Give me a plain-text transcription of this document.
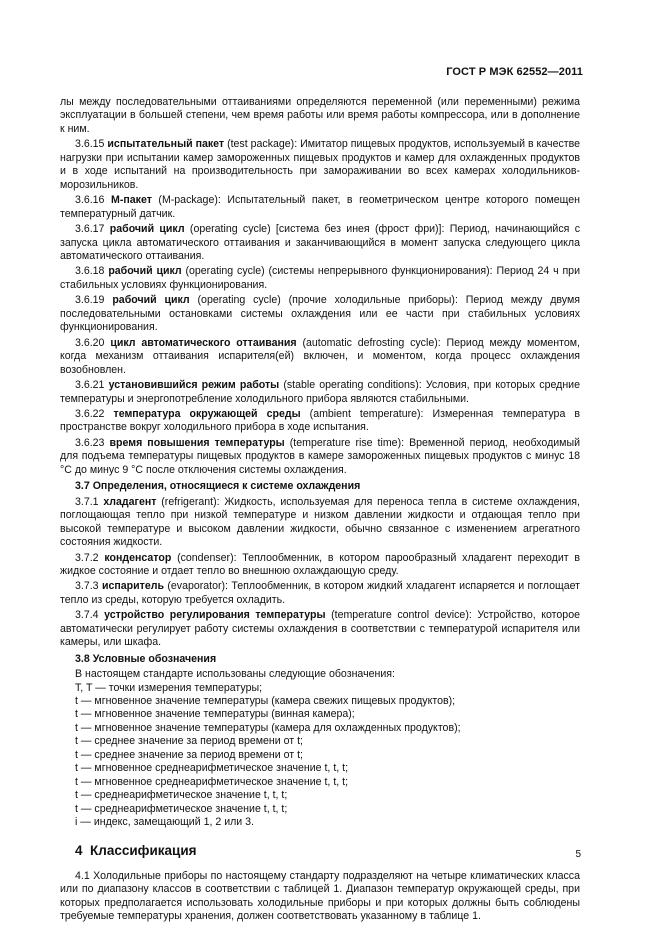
ГОСТ Р МЭК 62552—2011

лы между последовательными оттаиваниями определяются переменной (или переменными) режима эксплуатации в большей степени, чем время работы или время работы компрессора, или в дополнение к ним.

3.6.15 испытательный пакет (test package): Имитатор пищевых продуктов, используемый в качестве нагрузки при испытании камер замороженных пищевых продуктов и камер для охлажденных продуктов и в ходе испытаний на производительность при замораживании во всех камерах холодильников-морозильников.

3.6.16 М-пакет (M-package): Испытательный пакет, в геометрическом центре которого помещен температурный датчик.

3.6.17 рабочий цикл (operating cycle) [система без инея (фрост фри)]: Период, начинающийся с запуска цикла автоматического оттаивания и заканчивающийся в момент запуска следующего цикла автоматического оттаивания.

3.6.18 рабочий цикл (operating cycle) (системы непрерывного функционирования): Период 24 ч при стабильных условиях функционирования.

3.6.19 рабочий цикл (operating cycle) (прочие холодильные приборы): Период между двумя последовательными остановками системы охлаждения или ее части при стабильных условиях функционирования.

3.6.20 цикл автоматического оттаивания (automatic defrosting cycle): Период между моментом, когда механизм оттаивания испарителя(ей) включен, и моментом, когда процесс охлаждения возобновлен.

3.6.21 установившийся режим работы (stable operating conditions): Условия, при которых средние температуры и энергопотребление холодильного прибора являются стабильными.

3.6.22 температура окружающей среды (ambient temperature): Измеренная температура в пространстве вокруг холодильного прибора в ходе испытания.

3.6.23 время повышения температуры (temperature rise time): Временной период, необходимый для подъема температуры пищевых продуктов в камере замороженных пищевых продуктов с минус 18 °С до минус 9 °С после отключения системы охлаждения.

3.7 Определения, относящиеся к системе охлаждения

3.7.1 хладагент (refrigerant): Жидкость, используемая для переноса тепла в системе охлаждения, поглощающая тепло при низкой температуре и низком давлении жидкости и отдающая тепло при высокой температуре и высоком давлении жидкости, обычно связанное с изменением агрегатного состояния жидкости.

3.7.2 конденсатор (condenser): Теплообменник, в котором парообразный хладагент переходит в жидкое состояние и отдает тепло во внешнюю охлаждающую среду.

3.7.3 испаритель (evaporator): Теплообменник, в котором жидкий хладагент испаряется и поглощает тепло из среды, которую требуется охладить.

3.7.4 устройство регулирования температуры (temperature control device): Устройство, которое автоматически регулирует работу системы охлаждения в соответствии с температурой испарителя или камеры, или шкафа.

3.8 Условные обозначения

В настоящем стандарте использованы следующие обозначения:

T, T — точки измерения температуры;

t — мгновенное значение температуры (камера свежих пищевых продуктов);

t — мгновенное значение температуры (винная камера);

t — мгновенное значение температуры (камера для охлажденных продуктов);

t — среднее значение за период времени от t;

t — среднее значение за период времени от t;

t — мгновенное среднеарифметическое значение t, t, t;

t — мгновенное среднеарифметическое значение t, t, t;

t — среднеарифметическое значение t, t, t;

t — среднеарифметическое значение t, t, t;

i — индекс, замещающий 1, 2 или 3.

4 Классификация

4.1 Холодильные приборы по настоящему стандарту подразделяют на четыре климатических класса или по диапазону классов в соответствии с таблицей 1. Диапазон температур окружающей среды, при которых предполагается использовать холодильные приборы и при которых должны быть соблюдены требуемые температуры хранения, должен соответствовать указанному в таблице 1.

5
